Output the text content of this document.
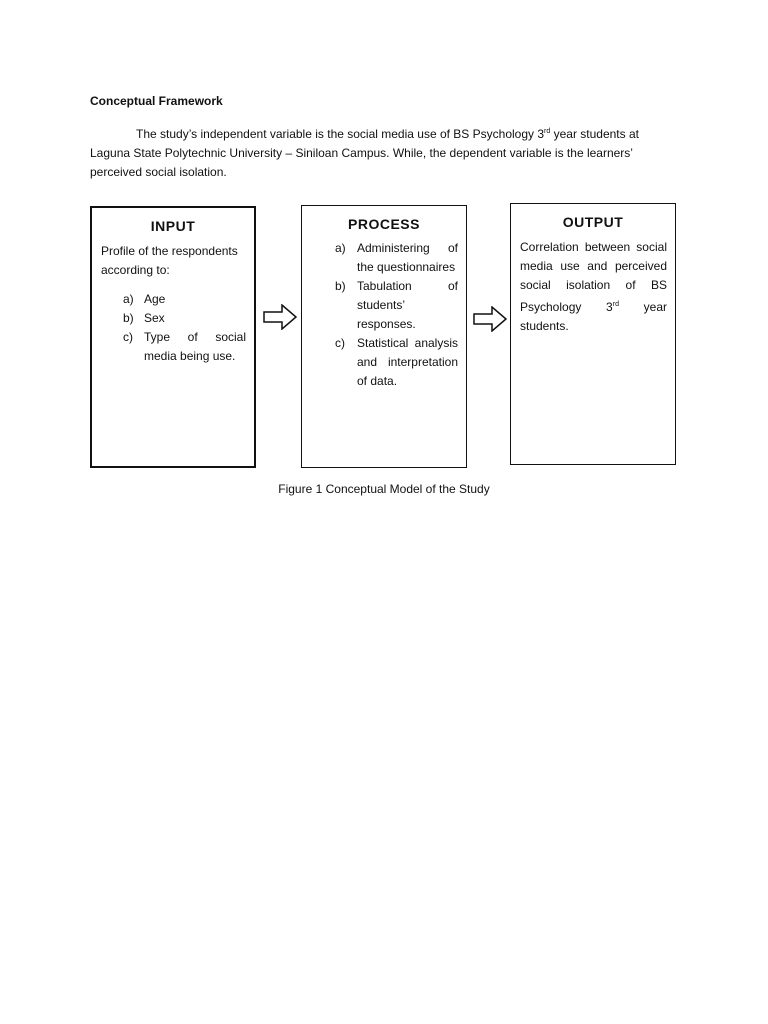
Conceptual Framework
The study’s independent variable is the social media use of BS Psychology 3rd year students at Laguna State Polytechnic University – Siniloan Campus. While, the dependent variable is the learners’ perceived social isolation.
INPUT
Profile of the respondents according to:
a) Age
b) Sex
c) Type of social media being use.
PROCESS
a) Administering of the questionnaires
b) Tabulation of students’ responses.
c) Statistical analysis and interpretation of data.
OUTPUT
Correlation between social media use and perceived social isolation of BS Psychology 3rd year students.
Figure 1 Conceptual Model of the Study
